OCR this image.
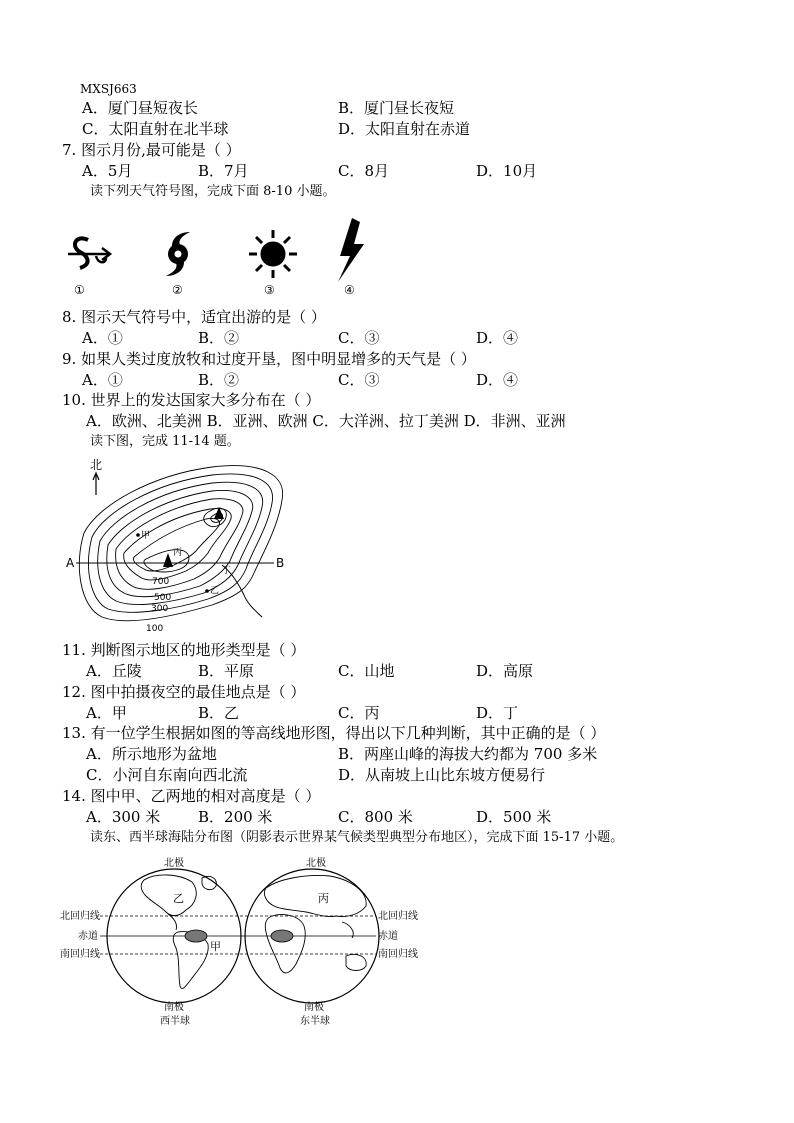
MXSJ663
A．厦门昼短夜长	B．厦门昼长夜短
C．太阳直射在北半球	D．太阳直射在赤道
7. 图示月份,最可能是（ ）
A．5月	B．7月	C．8月	D．10月
读下列天气符号图，完成下面 8-10 小题。
①	②	③	④
8. 图示天气符号中，适宜出游的是（ ）
A．①	B．②	C．③	D．④
9. 如果人类过度放牧和过度开垦，图中明显增多的天气是（ ）
A．①	B．②	C．③	D．④
10. 世界上的发达国家大多分布在（ ）
A．欧洲、北美洲 B．亚洲、欧洲 C．大洋洲、拉丁美洲 D．非洲、亚洲
读下图，完成 11-14 题。
北
A	B
甲
丙
丁
乙
700
500
300
100
11. 判断图示地区的地形类型是（ ）
A．丘陵	B．平原	C．山地	D．高原
12. 图中拍摄夜空的最佳地点是（ ）
A．甲	B．乙	C．丙	D．丁
13. 有一位学生根据如图的等高线地形图，得出以下几种判断，其中正确的是（ ）
A．所示地形为盆地	B．两座山峰的海拔大约都为 700 多米
C．小河自东南向西北流	D．从南坡上山比东坡方便易行
14. 图中甲、乙两地的相对高度是（ ）
A．300 米	B．200 米	C．800 米	D．500 米
读东、西半球海陆分布图（阴影表示世界某气候类型典型分布地区），完成下面 15-17 小题。
北极	北极
北回归线
赤道
南回归线
北回归线
赤道
南回归线
乙
甲
丙
南极
西半球
南极
东半球
